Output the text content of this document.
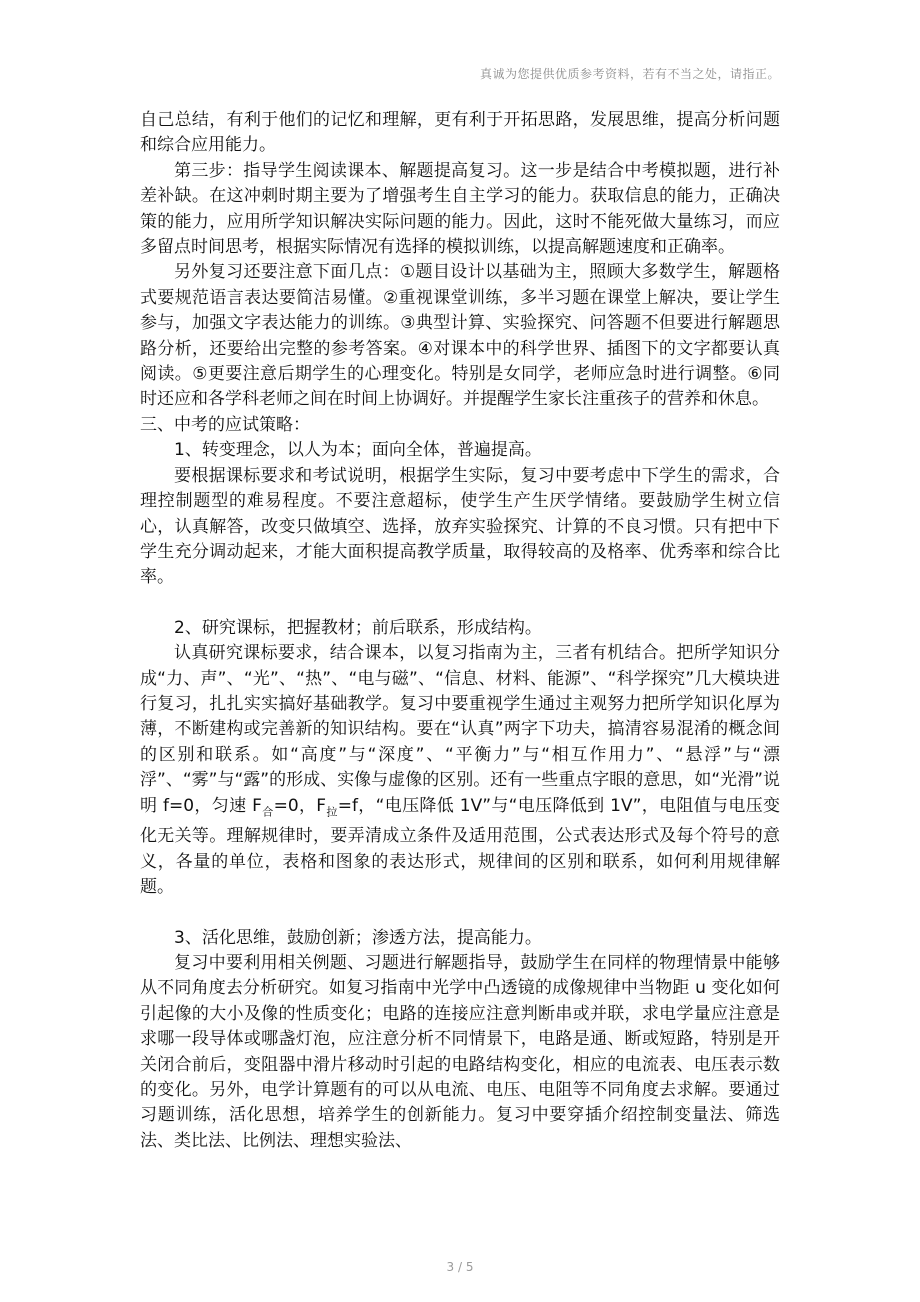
真诚为您提供优质参考资料，若有不当之处，请指正。

自己总结，有利于他们的记忆和理解，更有利于开拓思路，发展思维，提高分析问题和综合应用能力。

第三步：指导学生阅读课本、解题提高复习。这一步是结合中考模拟题，进行补差补缺。在这冲刺时期主要为了增强考生自主学习的能力。获取信息的能力，正确决策的能力，应用所学知识解决实际问题的能力。因此，这时不能死做大量练习，而应多留点时间思考，根据实际情况有选择的模拟训练，以提高解题速度和正确率。

另外复习还要注意下面几点：①题目设计以基础为主，照顾大多数学生，解题格式要规范语言表达要简洁易懂。②重视课堂训练，多半习题在课堂上解决，要让学生参与，加强文字表达能力的训练。③典型计算、实验探究、问答题不但要进行解题思路分析，还要给出完整的参考答案。④对课本中的科学世界、插图下的文字都要认真阅读。⑤更要注意后期学生的心理变化。特别是女同学，老师应急时进行调整。⑥同时还应和各学科老师之间在时间上协调好。并提醒学生家长注重孩子的营养和休息。

三、中考的应试策略：

1、转变理念，以人为本；面向全体，普遍提高。

要根据课标要求和考试说明，根据学生实际，复习中要考虑中下学生的需求，合理控制题型的难易程度。不要注意超标，使学生产生厌学情绪。要鼓励学生树立信心，认真解答，改变只做填空、选择，放弃实验探究、计算的不良习惯。只有把中下学生充分调动起来，才能大面积提高教学质量，取得较高的及格率、优秀率和综合比率。

2、研究课标，把握教材；前后联系，形成结构。

认真研究课标要求，结合课本，以复习指南为主，三者有机结合。把所学知识分成“力、声”、“光”、“热”、“电与磁”、“信息、材料、能源”、“科学探究”几大模块进行复习，扎扎实实搞好基础教学。复习中要重视学生通过主观努力把所学知识化厚为薄，不断建构或完善新的知识结构。要在“认真”两字下功夫，搞清容易混淆的概念间的区别和联系。如“高度”与“深度”、“平衡力”与“相互作用力”、“悬浮”与“漂浮”、“雾”与“露”的形成、实像与虚像的区别。还有一些重点字眼的意思，如“光滑”说明 f=0，匀速 $F_合=0$，$F_拉=f$，“电压降低 1V”与“电压降低到 1V”，电阻值与电压变化无关等。理解规律时，要弄清成立条件及适用范围，公式表达形式及每个符号的意义，各量的单位，表格和图象的表达形式，规律间的区别和联系，如何利用规律解题。

3、活化思维，鼓励创新；渗透方法，提高能力。

复习中要利用相关例题、习题进行解题指导，鼓励学生在同样的物理情景中能够从不同角度去分析研究。如复习指南中光学中凸透镜的成像规律中当物距 u 变化如何引起像的大小及像的性质变化；电路的连接应注意判断串或并联，求电学量应注意是求哪一段导体或哪盏灯泡，应注意分析不同情景下，电路是通、断或短路，特别是开关闭合前后，变阻器中滑片移动时引起的电路结构变化，相应的电流表、电压表示数的变化。另外，电学计算题有的可以从电流、电压、电阻等不同角度去求解。要通过习题训练，活化思想，培养学生的创新能力。复习中要穿插介绍控制变量法、筛选法、类比法、比例法、理想实验法、

3 / 5
